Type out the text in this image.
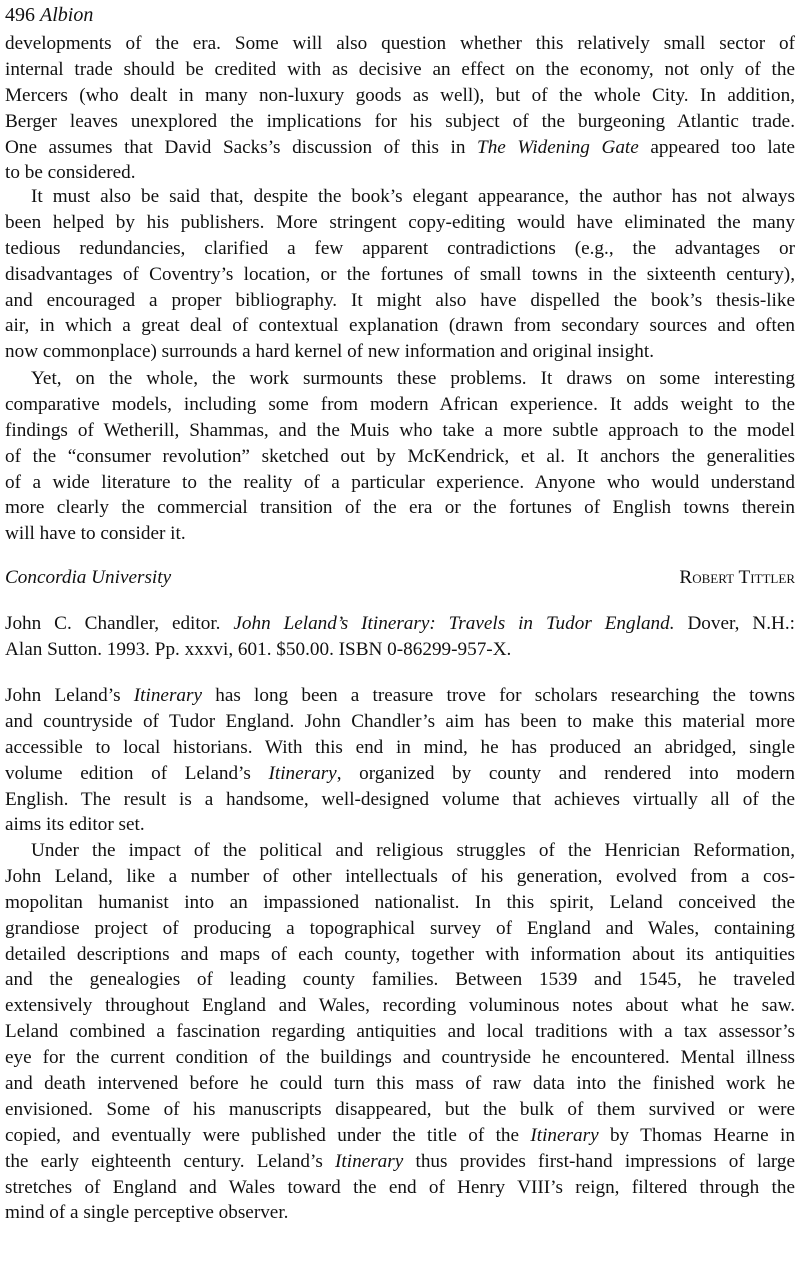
496 Albion
developments of the era. Some will also question whether this relatively small sector of
internal trade should be credited with as decisive an effect on the economy, not only of the
Mercers (who dealt in many non-luxury goods as well), but of the whole City. In addition,
Berger leaves unexplored the implications for his subject of the burgeoning Atlantic trade.
One assumes that David Sacks’s discussion of this in The Widening Gate appeared too late
to be considered.
It must also be said that, despite the book’s elegant appearance, the author has not always
been helped by his publishers. More stringent copy-editing would have eliminated the many
tedious redundancies, clarified a few apparent contradictions (e.g., the advantages or
disadvantages of Coventry’s location, or the fortunes of small towns in the sixteenth century),
and encouraged a proper bibliography. It might also have dispelled the book’s thesis-like
air, in which a great deal of contextual explanation (drawn from secondary sources and often
now commonplace) surrounds a hard kernel of new information and original insight.
Yet, on the whole, the work surmounts these problems. It draws on some interesting
comparative models, including some from modern African experience. It adds weight to the
findings of Wetherill, Shammas, and the Muis who take a more subtle approach to the model
of the “consumer revolution” sketched out by McKendrick, et al. It anchors the generalities
of a wide literature to the reality of a particular experience. Anyone who would understand
more clearly the commercial transition of the era or the fortunes of English towns therein
will have to consider it.
Concordia University	Robert Tittler
John C. Chandler, editor. John Leland’s Itinerary: Travels in Tudor England. Dover, N.H.:
Alan Sutton. 1993. Pp. xxxvi, 601. $50.00. ISBN 0-86299-957-X.
John Leland’s Itinerary has long been a treasure trove for scholars researching the towns
and countryside of Tudor England. John Chandler’s aim has been to make this material more
accessible to local historians. With this end in mind, he has produced an abridged, single
volume edition of Leland’s Itinerary, organized by county and rendered into modern
English. The result is a handsome, well-designed volume that achieves virtually all of the
aims its editor set.
Under the impact of the political and religious struggles of the Henrician Reformation,
John Leland, like a number of other intellectuals of his generation, evolved from a cos-
mopolitan humanist into an impassioned nationalist. In this spirit, Leland conceived the
grandiose project of producing a topographical survey of England and Wales, containing
detailed descriptions and maps of each county, together with information about its antiquities
and the genealogies of leading county families. Between 1539 and 1545, he traveled
extensively throughout England and Wales, recording voluminous notes about what he saw.
Leland combined a fascination regarding antiquities and local traditions with a tax assessor’s
eye for the current condition of the buildings and countryside he encountered. Mental illness
and death intervened before he could turn this mass of raw data into the finished work he
envisioned. Some of his manuscripts disappeared, but the bulk of them survived or were
copied, and eventually were published under the title of the Itinerary by Thomas Hearne in
the early eighteenth century. Leland’s Itinerary thus provides first-hand impressions of large
stretches of England and Wales toward the end of Henry VIII’s reign, filtered through the
mind of a single perceptive observer.
